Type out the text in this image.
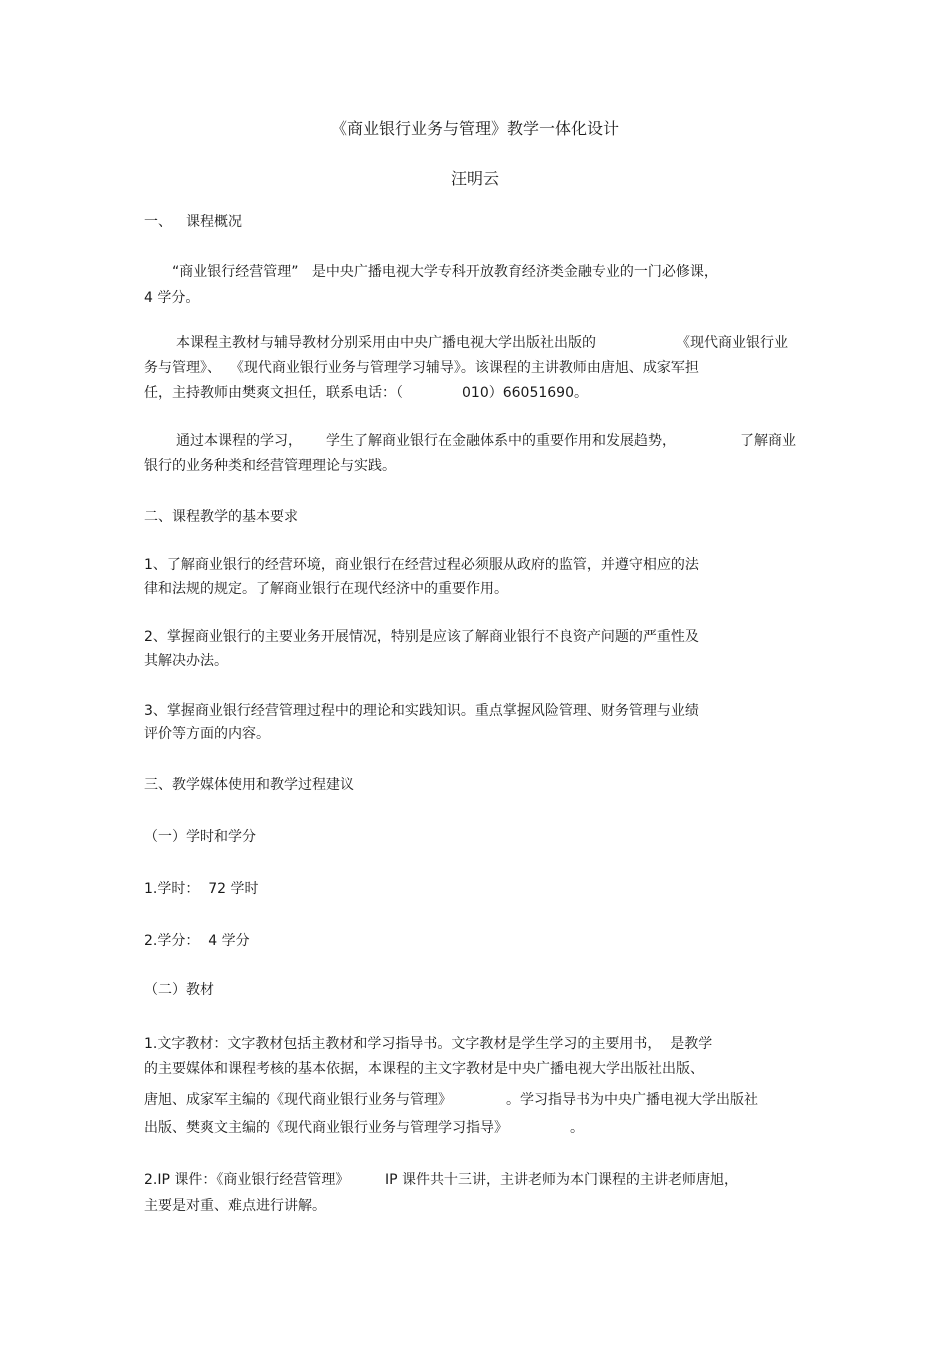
《商业银行业务与管理》教学一体化设计
汪明云
一、 课程概况
“商业银行经营管理”   是中央广播电视大学专科开放教育经济类金融专业的一门必修课，
4 学分。
本课程主教材与辅导教材分别采用由中央广播电视大学出版社出版的	《现代商业银行业
务与管理》、  《现代商业银行业务与管理学习辅导》。该课程的主讲教师由唐旭、成家军担
任，主持教师由樊爽文担任，联系电话：（	010）66051690。
通过本课程的学习， 学生了解商业银行在金融体系中的重要作用和发展趋势，	了解商业
银行的业务种类和经营管理理论与实践。
二、课程教学的基本要求
1、了解商业银行的经营环境，商业银行在经营过程必须服从政府的监管，并遵守相应的法
律和法规的规定。了解商业银行在现代经济中的重要作用。
2、掌握商业银行的主要业务开展情况，特别是应该了解商业银行不良资产问题的严重性及
其解决办法。
3、掌握商业银行经营管理过程中的理论和实践知识。重点掌握风险管理、财务管理与业绩
评价等方面的内容。
三、教学媒体使用和教学过程建议
（一）学时和学分
1.学时：  72 学时
2.学分：  4 学分
（二）教材
1.文字教材：文字教材包括主教材和学习指导书。文字教材是学生学习的主要用书，  是教学
的主要媒体和课程考核的基本依据，本课程的主文字教材是中央广播电视大学出版社出版、
唐旭、成家军主编的《现代商业银行业务与管理》	。学习指导书为中央广播电视大学出版社
出版、樊爽文主编的《现代商业银行业务与管理学习指导》	。
2.IP 课件：《商业银行经营管理》	IP 课件共十三讲，主讲老师为本门课程的主讲老师唐旭，
主要是对重、难点进行讲解。
